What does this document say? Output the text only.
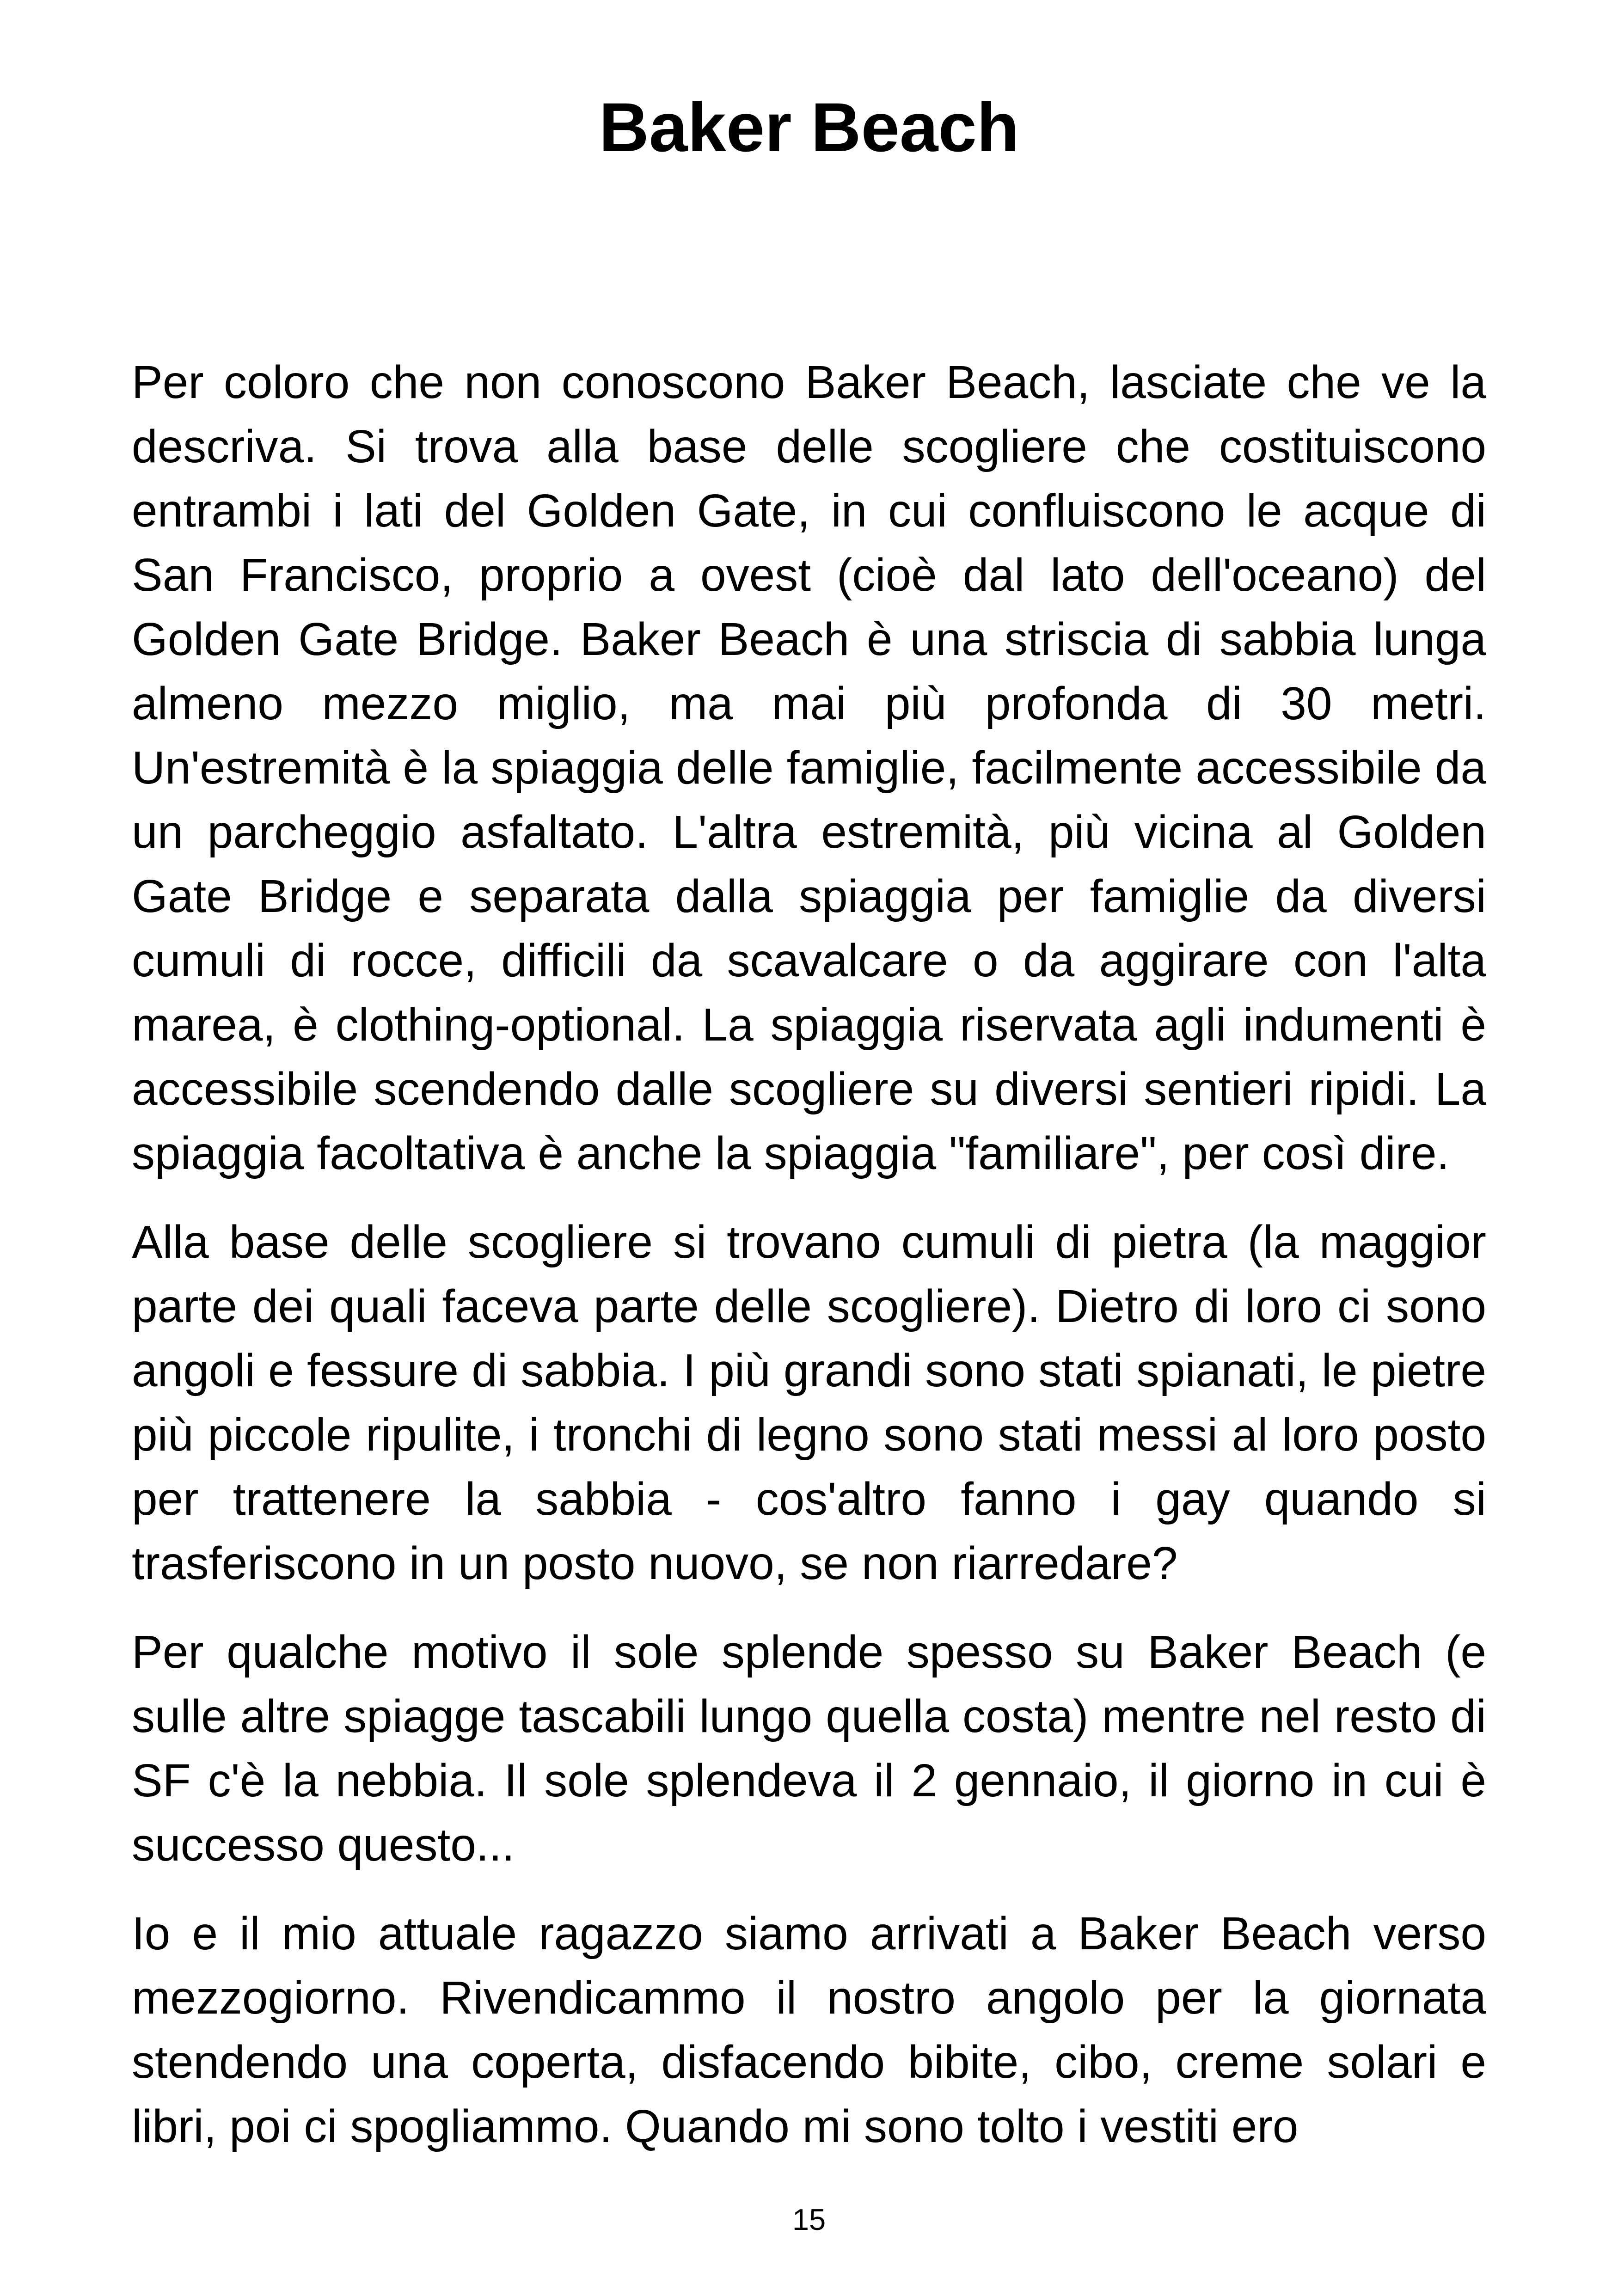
Baker Beach

Per coloro che non conoscono Baker Beach, lasciate che ve la descriva. Si trova alla base delle scogliere che costituiscono entrambi i lati del Golden Gate, in cui confluiscono le acque di San Francisco, proprio a ovest (cioè dal lato dell'oceano) del Golden Gate Bridge. Baker Beach è una striscia di sabbia lunga almeno mezzo miglio, ma mai più profonda di 30 metri. Un'estremità è la spiaggia delle famiglie, facilmente accessibile da un parcheggio asfaltato. L'altra estremità, più vicina al Golden Gate Bridge e separata dalla spiaggia per famiglie da diversi cumuli di rocce, difficili da scavalcare o da aggirare con l'alta marea, è clothing-optional. La spiaggia riservata agli indumenti è accessibile scendendo dalle scogliere su diversi sentieri ripidi. La spiaggia facoltativa è anche la spiaggia "familiare", per così dire.

Alla base delle scogliere si trovano cumuli di pietra (la maggior parte dei quali faceva parte delle scogliere). Dietro di loro ci sono angoli e fessure di sabbia. I più grandi sono stati spianati, le pietre più piccole ripulite, i tronchi di legno sono stati messi al loro posto per trattenere la sabbia - cos'altro fanno i gay quando si trasferiscono in un posto nuovo, se non riarredare?

Per qualche motivo il sole splende spesso su Baker Beach (e sulle altre spiagge tascabili lungo quella costa) mentre nel resto di SF c'è la nebbia. Il sole splendeva il 2 gennaio, il giorno in cui è successo questo...

Io e il mio attuale ragazzo siamo arrivati a Baker Beach verso mezzogiorno. Rivendicammo il nostro angolo per la giornata stendendo una coperta, disfacendo bibite, cibo, creme solari e libri, poi ci spogliammo. Quando mi sono tolto i vestiti ero

15
